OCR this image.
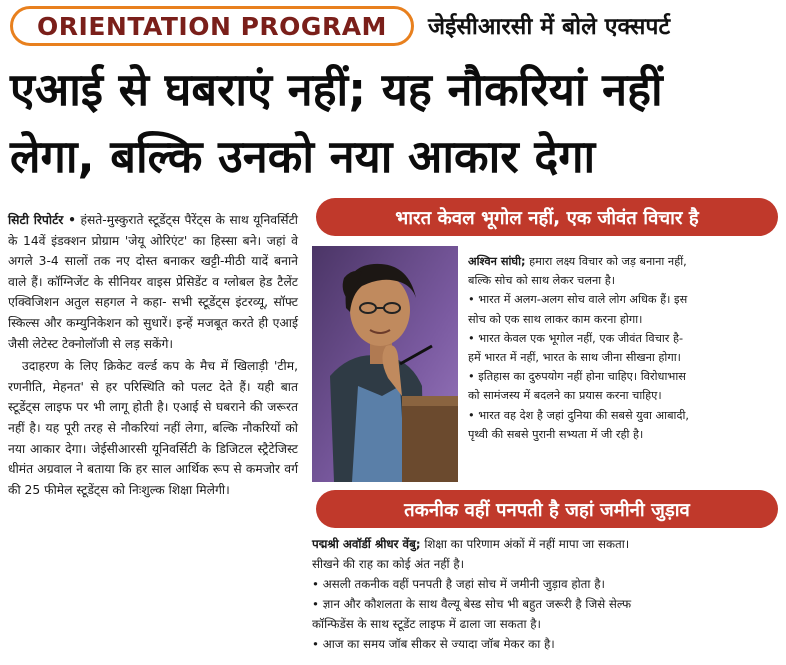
ORIENTATION PROGRAM जेईसीआरसी में बोले एक्सपर्ट
एआई से घबराएं नहीं; यह नौकरियां नहीं
लेगा, बल्कि उनको नया आकार देगा

सिटी रिपोर्टर • हंसते-मुस्कुराते स्टूडेंट्स पैरेंट्स के साथ यूनिवर्सिटी के 14वें इंडक्शन प्रोग्राम 'जेयू ओरिएंट' का हिस्सा बने। जहां वे अगले 3-4 सालों तक नए दोस्त बनाकर खट्टी-मीठी यादें बनाने वाले हैं। कॉग्निजेंट के सीनियर वाइस प्रेसिडेंट व ग्लोबल हेड टैलेंट एक्विजिशन अतुल सहगल ने कहा- सभी स्टूडेंट्स इंटरव्यू, सॉफ्ट स्किल्स और कम्युनिकेशन को सुधारें। इन्हें मजबूत करते ही एआई जैसी लेटेस्ट टेक्नोलॉजी से लड़ सकेंगे।

उदाहरण के लिए क्रिकेट वर्ल्ड कप के मैच में खिलाड़ी 'टीम, रणनीति, मेहनत' से हर परिस्थिति को पलट देते हैं। यही बात स्टूडेंट्स लाइफ पर भी लागू होती है। एआई से घबराने की जरूरत नहीं है। यह पूरी तरह से नौकरियां नहीं लेगा, बल्कि नौकरियों को नया आकार देगा। जेईसीआरसी यूनिवर्सिटी के डिजिटल स्ट्रैटेजिस्ट धीमंत अग्रवाल ने बताया कि हर साल आर्थिक रूप से कमजोर वर्ग की 25 फीमेल स्टूडेंट्स को निःशुल्क शिक्षा मिलेगी।

भारत केवल भूगोल नहीं, एक जीवंत विचार है
अश्विन सांघी; हमारा लक्ष्य विचार को जड़ बनाना नहीं,
बल्कि सोच को साथ लेकर चलना है।
• भारत में अलग-अलग सोच वाले लोग अधिक हैं। इस
सोच को एक साथ लाकर काम करना होगा।
• भारत केवल एक भूगोल नहीं, एक जीवंत विचार है-
हमें भारत में नहीं, भारत के साथ जीना सीखना होगा।
• इतिहास का दुरुपयोग नहीं होना चाहिए। विरोधाभास
को सामंजस्य में बदलने का प्रयास करना चाहिए।
• भारत वह देश है जहां दुनिया की सबसे युवा आबादी,
पृथ्वी की सबसे पुरानी सभ्यता में जी रही है।
तकनीक वहीं पनपती है जहां जमीनी जुड़ाव
पद्मश्री अवॉर्डी श्रीधर वेंबु; शिक्षा का परिणाम अंकों में नहीं मापा जा सकता।
सीखने की राह का कोई अंत नहीं है।
• असली तकनीक वहीं पनपती है जहां सोच में जमीनी जुड़ाव होता है।
• ज्ञान और कौशलता के साथ वैल्यू बेस्ड सोच भी बहुत जरूरी है जिसे सेल्फ
कॉन्फिडेंस के साथ स्टूडेंट लाइफ में ढाला जा सकता है।
• आज का समय जॉब सीकर से ज्यादा जॉब मेकर का है।
